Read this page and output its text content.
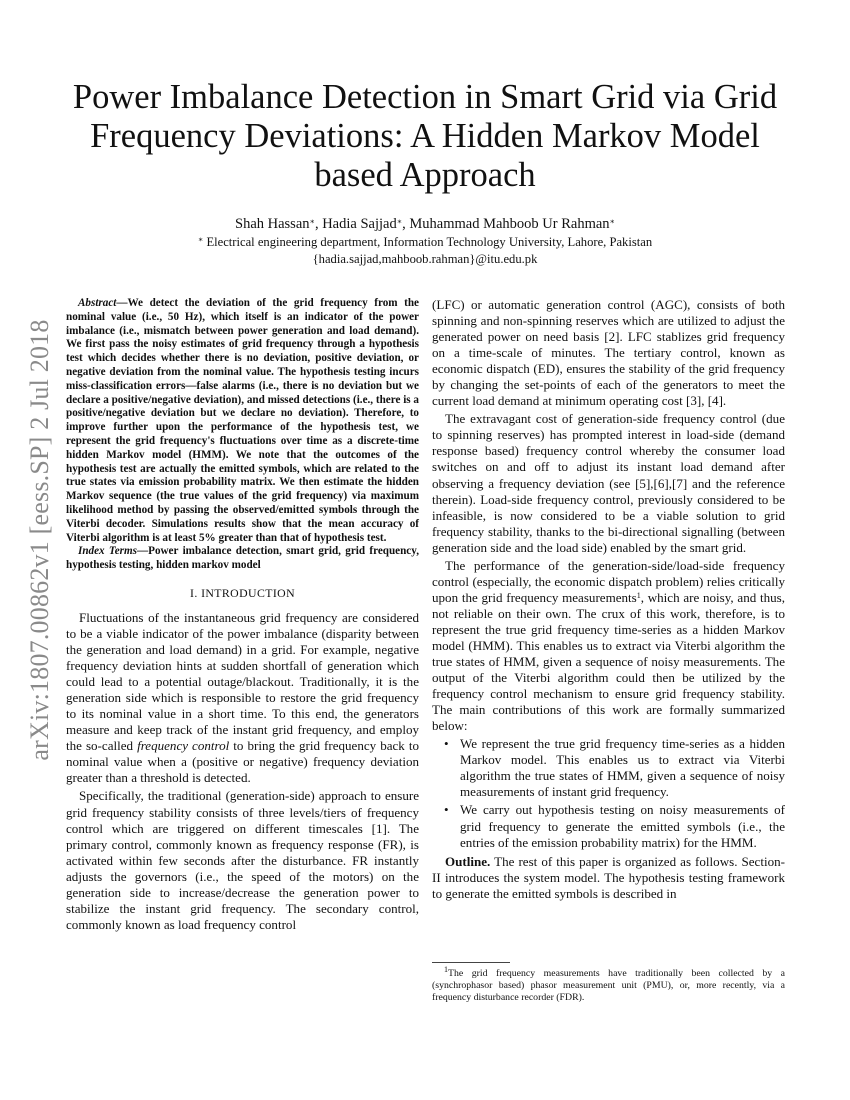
arXiv:1807.00862v1 [eess.SP] 2 Jul 2018
Power Imbalance Detection in Smart Grid via Grid
Frequency Deviations: A Hidden Markov Model
based Approach
Shah Hassan∗, Hadia Sajjad∗, Muhammad Mahboob Ur Rahman∗
∗ Electrical engineering department, Information Technology University, Lahore, Pakistan
{hadia.sajjad,mahboob.rahman}@itu.edu.pk

Abstract—We detect the deviation of the grid frequency from the nominal value (i.e., 50 Hz), which itself is an indicator of the power imbalance (i.e., mismatch between power generation and load demand). We first pass the noisy estimates of grid frequency through a hypothesis test which decides whether there is no deviation, positive deviation, or negative deviation from the nominal value. The hypothesis testing incurs miss-classification errors—false alarms (i.e., there is no deviation but we declare a positive/negative deviation), and missed detections (i.e., there is a positive/negative deviation but we declare no deviation). Therefore, to improve further upon the performance of the hypothesis test, we represent the grid frequency's fluctuations over time as a discrete-time hidden Markov model (HMM). We note that the outcomes of the hypothesis test are actually the emitted symbols, which are related to the true states via emission probability matrix. We then estimate the hidden Markov sequence (the true values of the grid frequency) via maximum likelihood method by passing the observed/emitted symbols through the Viterbi decoder. Simulations results show that the mean accuracy of Viterbi algorithm is at least 5% greater than that of hypothesis test.

Index Terms—Power imbalance detection, smart grid, grid frequency, hypothesis testing, hidden markov model

I. INTRODUCTION

Fluctuations of the instantaneous grid frequency are considered to be a viable indicator of the power imbalance (disparity between the generation and load demand) in a grid. For example, negative frequency deviation hints at sudden shortfall of generation which could lead to a potential outage/blackout. Traditionally, it is the generation side which is responsible to restore the grid frequency to its nominal value in a short time. To this end, the generators measure and keep track of the instant grid frequency, and employ the so-called frequency control to bring the grid frequency back to nominal value when a (positive or negative) frequency deviation greater than a threshold is detected.

Specifically, the traditional (generation-side) approach to ensure grid frequency stability consists of three levels/tiers of frequency control which are triggered on different timescales [1]. The primary control, commonly known as frequency response (FR), is activated within few seconds after the disturbance. FR instantly adjusts the governors (i.e., the speed of the motors) on the generation side to increase/decrease the generation power to stabilize the instant grid frequency. The secondary control, commonly known as load frequency control

(LFC) or automatic generation control (AGC), consists of both spinning and non-spinning reserves which are utilized to adjust the generated power on need basis [2]. LFC stablizes grid frequency on a time-scale of minutes. The tertiary control, known as economic dispatch (ED), ensures the stability of the grid frequency by changing the set-points of each of the generators to meet the current load demand at minimum operating cost [3], [4].

The extravagant cost of generation-side frequency control (due to spinning reserves) has prompted interest in load-side (demand response based) frequency control whereby the consumer load switches on and off to adjust its instant load demand after observing a frequency deviation (see [5],[6],[7] and the reference therein). Load-side frequency control, previously considered to be infeasible, is now considered to be a viable solution to grid frequency stability, thanks to the bi-directional signalling (between generation side and the load side) enabled by the smart grid.

The performance of the generation-side/load-side frequency control (especially, the economic dispatch problem) relies critically upon the grid frequency measurements$^1$, which are noisy, and thus, not reliable on their own. The crux of this work, therefore, is to represent the true grid frequency time-series as a hidden Markov model (HMM). This enables us to extract via Viterbi algorithm the true states of HMM, given a sequence of noisy measurements. The output of the Viterbi algorithm could then be utilized by the frequency control mechanism to ensure grid frequency stability. The main contributions of this work are formally summarized below:

• We represent the true grid frequency time-series as a hidden Markov model. This enables us to extract via Viterbi algorithm the true states of HMM, given a sequence of noisy measurements of instant grid frequency.
• We carry out hypothesis testing on noisy measurements of grid frequency to generate the emitted symbols (i.e., the entries of the emission probability matrix) for the HMM.

Outline. The rest of this paper is organized as follows. Section-II introduces the system model. The hypothesis testing framework to generate the emitted symbols is described in

$^1$The grid frequency measurements have traditionally been collected by a (synchrophasor based) phasor measurement unit (PMU), or, more recently, via a frequency disturbance recorder (FDR).
